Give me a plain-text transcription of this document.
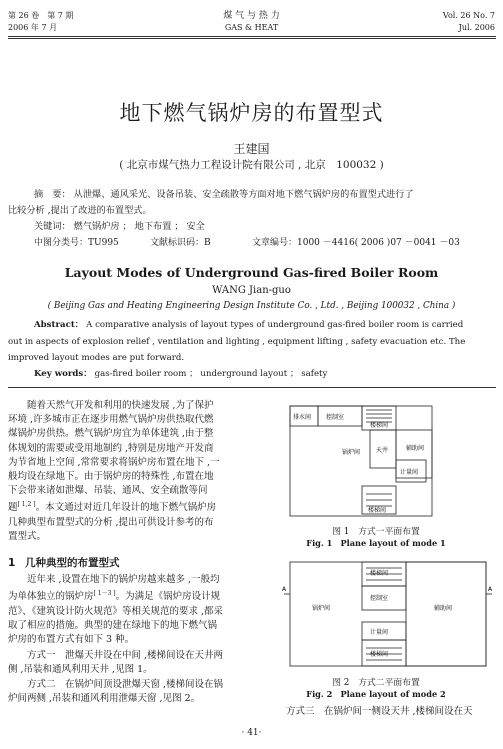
第 26 卷　第 7 期
2006 年 7 月
煤 气 与 热 力
GAS & HEAT
Vol. 26 No. 7
Jul. 2006
地下燃气锅炉房的布置型式
王建国
( 北京市煤气热力工程设计院有限公司 , 北京　100032 )
摘　要： 从泄爆、通风采光、设备吊装、安全疏散等方面对地下燃气锅炉房的布置型式进行了
比较分析 ,提出了改进的布置型式。
关键词： 燃气锅炉房 ； 地下布置 ； 安全
中图分类号：TU995	文献标识码：B	文章编号：1000 －4416( 2006 )07 －0041 －03
Layout Modes of Underground Gas-fired Boiler Room
WANG Jian-guo
( Beijing Gas and Heating Engineering Design Institute Co. , Ltd. , Beijing 100032 , China )
Abstract： A comparative analysis of layout types of underground gas-fired boiler room is carried
out in aspects of explosion relief , ventilation and lighting , equipment lifting , safety evacuation etc. The
improved layout modes are put forward.
Key words： gas-fired boiler room ； underground layout ； safety
随着天然气开发和利用的快速发展 ,为了保护
环境 ,许多城市正在逐步用燃气锅炉房供热取代燃
煤锅炉房供热。燃气锅炉房宜为单体建筑 ,由于整
体规划的需要或受用地制约 ,特别是房地产开发商
为节省地上空间 ,常常要求将锅炉房布置在地下 ,一
般均设在绿地下。由于锅炉房的特殊性 ,布置在地
下会带来诸如泄爆、吊装、通风、安全疏散等问
题[ 1,2 ]。本文通过对近几年设计的地下燃气锅炉房
几种典型布置型式的分析 ,提出可供设计参考的布
置型式。
1 几种典型的布置型式
近年来 ,设置在地下的锅炉房越来越多 ,一般均
为单体独立的锅炉房[ 1－3 ]。为满足《锅炉房设计规
范》、《建筑设计防火规范》等相关规范的要求 ,都采
取了相应的措施。典型的建在绿地下的地下燃气锅
炉房的布置方式有如下 3 种。
方式一　泄爆天井设在中间 ,楼梯间设在天井两
侧 ,吊装和通风利用天井 ,见图 1。
方式二　在锅炉间顶设泄爆天窗 ,楼梯间设在锅
炉间两侧 ,吊装和通风利用泄爆天窗 ,见图 2。
排水间 控制室
楼梯间
锅炉间	天井	辅助间
计量间
楼梯间
图 1　方式一平面布置
Fig. 1　Plane layout of mode 1
A	A
楼梯间
控制室
锅炉间	辅助间
计量间
楼梯间
图 2　方式二平面布置
Fig. 2　Plane layout of mode 2
方式三　在锅炉间一侧设天井 ,楼梯间设在天
· 41·
